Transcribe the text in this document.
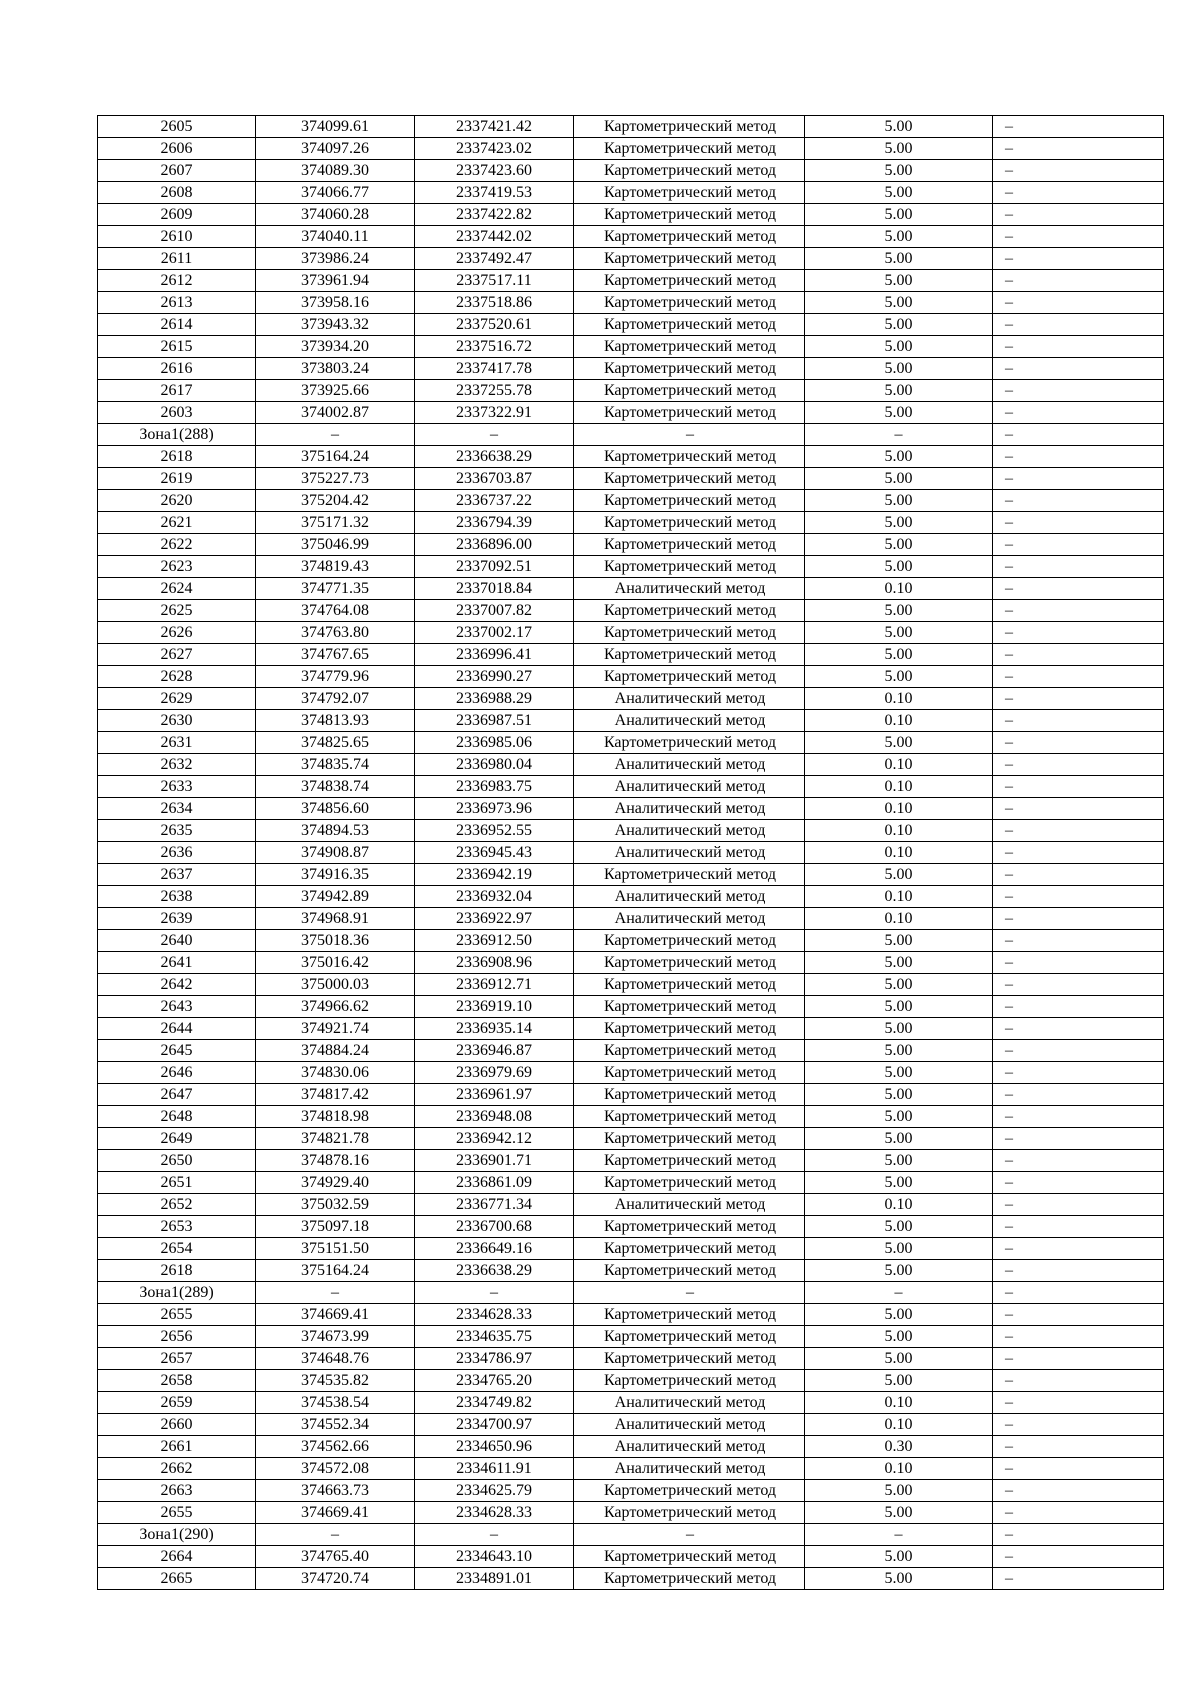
2605	374099.61	2337421.42	Картометрический метод	5.00	–
2606	374097.26	2337423.02	Картометрический метод	5.00	–
2607	374089.30	2337423.60	Картометрический метод	5.00	–
2608	374066.77	2337419.53	Картометрический метод	5.00	–
2609	374060.28	2337422.82	Картометрический метод	5.00	–
2610	374040.11	2337442.02	Картометрический метод	5.00	–
2611	373986.24	2337492.47	Картометрический метод	5.00	–
2612	373961.94	2337517.11	Картометрический метод	5.00	–
2613	373958.16	2337518.86	Картометрический метод	5.00	–
2614	373943.32	2337520.61	Картометрический метод	5.00	–
2615	373934.20	2337516.72	Картометрический метод	5.00	–
2616	373803.24	2337417.78	Картометрический метод	5.00	–
2617	373925.66	2337255.78	Картометрический метод	5.00	–
2603	374002.87	2337322.91	Картометрический метод	5.00	–
Зона1(288)	–	–	–	–	–
2618	375164.24	2336638.29	Картометрический метод	5.00	–
2619	375227.73	2336703.87	Картометрический метод	5.00	–
2620	375204.42	2336737.22	Картометрический метод	5.00	–
2621	375171.32	2336794.39	Картометрический метод	5.00	–
2622	375046.99	2336896.00	Картометрический метод	5.00	–
2623	374819.43	2337092.51	Картометрический метод	5.00	–
2624	374771.35	2337018.84	Аналитический метод	0.10	–
2625	374764.08	2337007.82	Картометрический метод	5.00	–
2626	374763.80	2337002.17	Картометрический метод	5.00	–
2627	374767.65	2336996.41	Картометрический метод	5.00	–
2628	374779.96	2336990.27	Картометрический метод	5.00	–
2629	374792.07	2336988.29	Аналитический метод	0.10	–
2630	374813.93	2336987.51	Аналитический метод	0.10	–
2631	374825.65	2336985.06	Картометрический метод	5.00	–
2632	374835.74	2336980.04	Аналитический метод	0.10	–
2633	374838.74	2336983.75	Аналитический метод	0.10	–
2634	374856.60	2336973.96	Аналитический метод	0.10	–
2635	374894.53	2336952.55	Аналитический метод	0.10	–
2636	374908.87	2336945.43	Аналитический метод	0.10	–
2637	374916.35	2336942.19	Картометрический метод	5.00	–
2638	374942.89	2336932.04	Аналитический метод	0.10	–
2639	374968.91	2336922.97	Аналитический метод	0.10	–
2640	375018.36	2336912.50	Картометрический метод	5.00	–
2641	375016.42	2336908.96	Картометрический метод	5.00	–
2642	375000.03	2336912.71	Картометрический метод	5.00	–
2643	374966.62	2336919.10	Картометрический метод	5.00	–
2644	374921.74	2336935.14	Картометрический метод	5.00	–
2645	374884.24	2336946.87	Картометрический метод	5.00	–
2646	374830.06	2336979.69	Картометрический метод	5.00	–
2647	374817.42	2336961.97	Картометрический метод	5.00	–
2648	374818.98	2336948.08	Картометрический метод	5.00	–
2649	374821.78	2336942.12	Картометрический метод	5.00	–
2650	374878.16	2336901.71	Картометрический метод	5.00	–
2651	374929.40	2336861.09	Картометрический метод	5.00	–
2652	375032.59	2336771.34	Аналитический метод	0.10	–
2653	375097.18	2336700.68	Картометрический метод	5.00	–
2654	375151.50	2336649.16	Картометрический метод	5.00	–
2618	375164.24	2336638.29	Картометрический метод	5.00	–
Зона1(289)	–	–	–	–	–
2655	374669.41	2334628.33	Картометрический метод	5.00	–
2656	374673.99	2334635.75	Картометрический метод	5.00	–
2657	374648.76	2334786.97	Картометрический метод	5.00	–
2658	374535.82	2334765.20	Картометрический метод	5.00	–
2659	374538.54	2334749.82	Аналитический метод	0.10	–
2660	374552.34	2334700.97	Аналитический метод	0.10	–
2661	374562.66	2334650.96	Аналитический метод	0.30	–
2662	374572.08	2334611.91	Аналитический метод	0.10	–
2663	374663.73	2334625.79	Картометрический метод	5.00	–
2655	374669.41	2334628.33	Картометрический метод	5.00	–
Зона1(290)	–	–	–	–	–
2664	374765.40	2334643.10	Картометрический метод	5.00	–
2665	374720.74	2334891.01	Картометрический метод	5.00	–
